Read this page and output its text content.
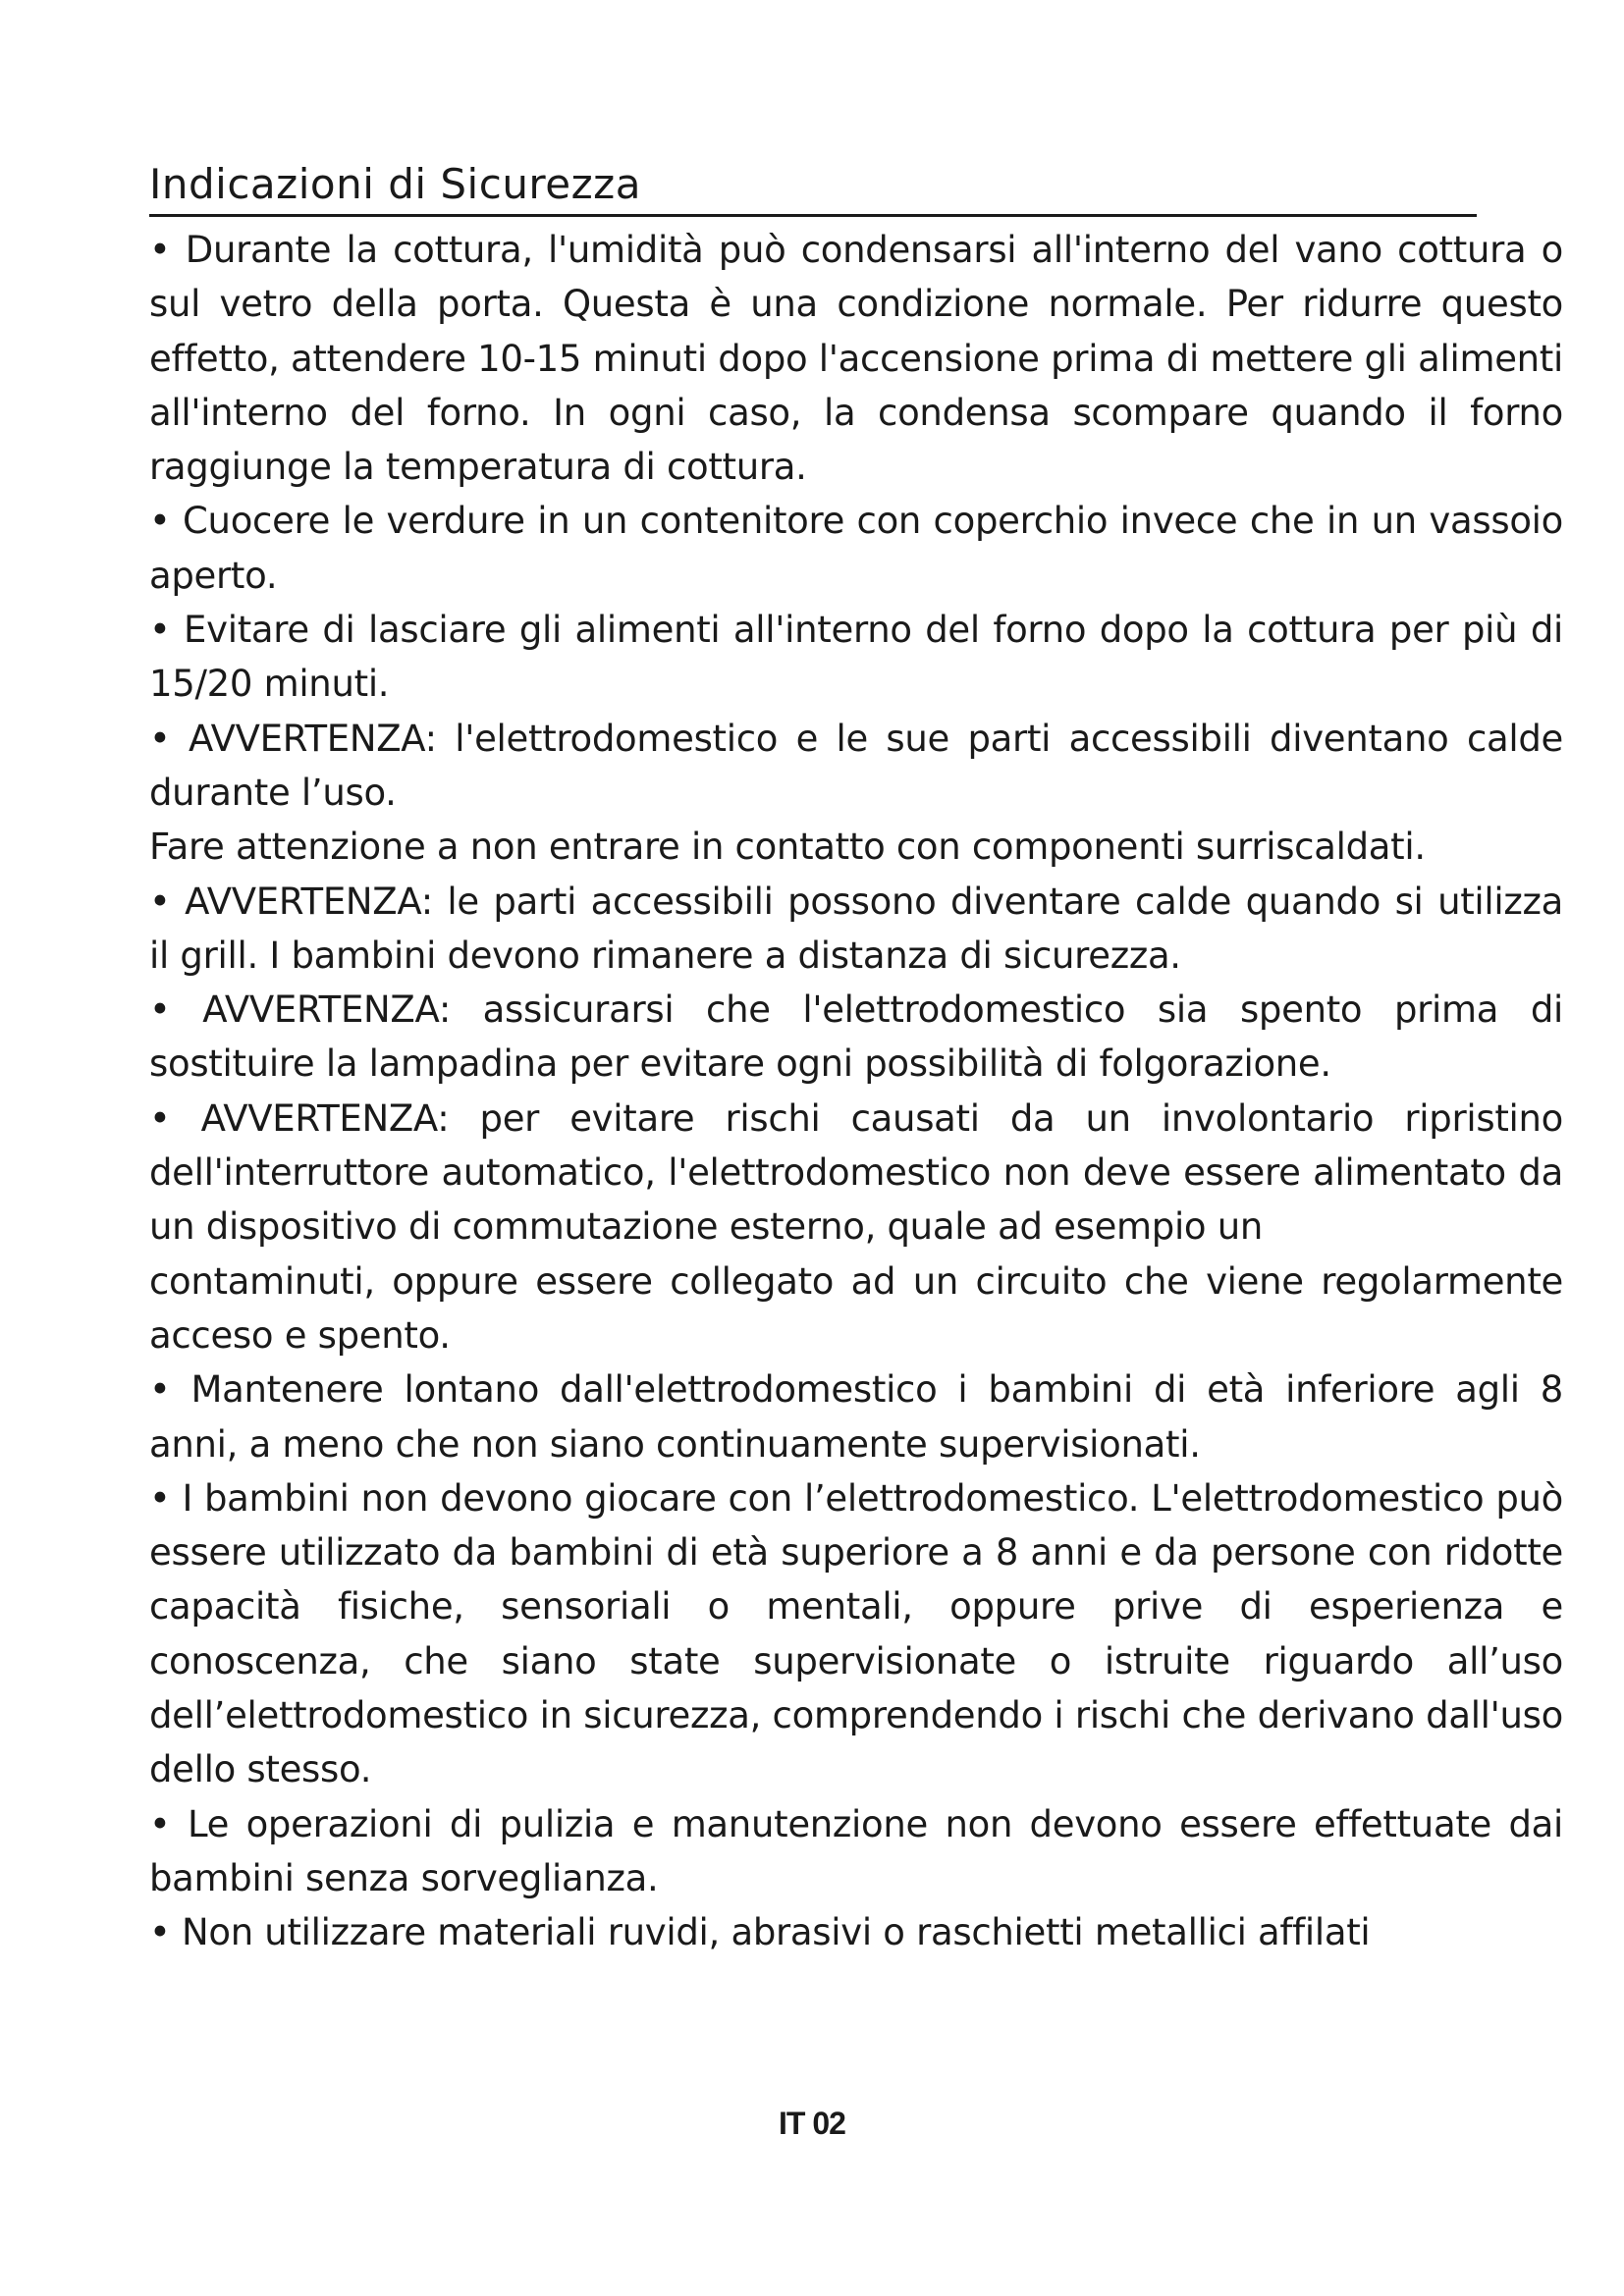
Indicazioni di Sicurezza

• Durante la cottura, l'umidità può condensarsi all'interno del vano cottura o sul vetro della porta. Questa è una condizione normale. Per ridurre questo effetto, attendere 10-15 minuti dopo l'accensione prima di mettere gli alimenti all'interno del forno. In ogni caso, la condensa scompare quando il forno raggiunge la temperatura di cottura.

• Cuocere le verdure in un contenitore con coperchio invece che in un vassoio aperto.

• Evitare di lasciare gli alimenti all'interno del forno dopo la cottura per più di 15/20 minuti.

• AVVERTENZA: l'elettrodomestico e le sue parti accessibili diventano calde durante l’uso.

Fare attenzione a non entrare in contatto con componenti surriscaldati.

• AVVERTENZA: le parti accessibili possono diventare calde quando si utilizza il grill. I bambini devono rimanere a distanza di sicurezza.

• AVVERTENZA: assicurarsi che l'elettrodomestico sia spento prima di sostituire la lampadina per evitare ogni possibilità di folgorazione.

• AVVERTENZA: per evitare rischi causati da un involontario ripristino dell'interruttore automatico, l'elettrodomestico non deve essere alimentato da un dispositivo di commutazione esterno, quale ad esempio un

contaminuti, oppure essere collegato ad un circuito che viene regolarmente acceso e spento.

• Mantenere lontano dall'elettrodomestico i bambini di età inferiore agli 8 anni, a meno che non siano continuamente supervisionati.

• I bambini non devono giocare con l’elettrodomestico. L'elettrodomestico può essere utilizzato da bambini di età superiore a 8 anni e da persone con ridotte capacità fisiche, sensoriali o mentali, oppure prive di esperienza e conoscenza, che siano state supervisionate o istruite riguardo all’uso dell’elettrodomestico in sicurezza, comprendendo i rischi che derivano dall'uso dello stesso.

• Le operazioni di pulizia e manutenzione non devono essere effettuate dai bambini senza sorveglianza.

• Non utilizzare materiali ruvidi, abrasivi o raschietti metallici affilati

IT 02
